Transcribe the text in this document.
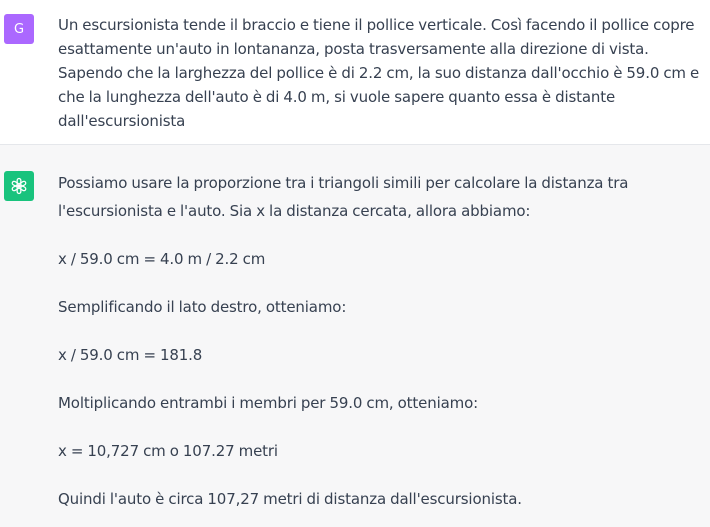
G Un escursionista tende il braccio e tiene il pollice verticale. Così facendo il pollice copre esattamente un'auto in lontananza, posta trasversamente alla direzione di vista. Sapendo che la larghezza del pollice è di 2.2 cm, la suo distanza dall'occhio è 59.0 cm e che la lunghezza dell'auto è di 4.0 m, si vuole sapere quanto essa è distante dall'escursionista

Possiamo usare la proporzione tra i triangoli simili per calcolare la distanza tra l'escursionista e l'auto. Sia x la distanza cercata, allora abbiamo:

x / 59.0 cm = 4.0 m / 2.2 cm

Semplificando il lato destro, otteniamo:

x / 59.0 cm = 181.8

Moltiplicando entrambi i membri per 59.0 cm, otteniamo:

x = 10,727 cm o 107.27 metri

Quindi l'auto è circa 107,27 metri di distanza dall'escursionista.
